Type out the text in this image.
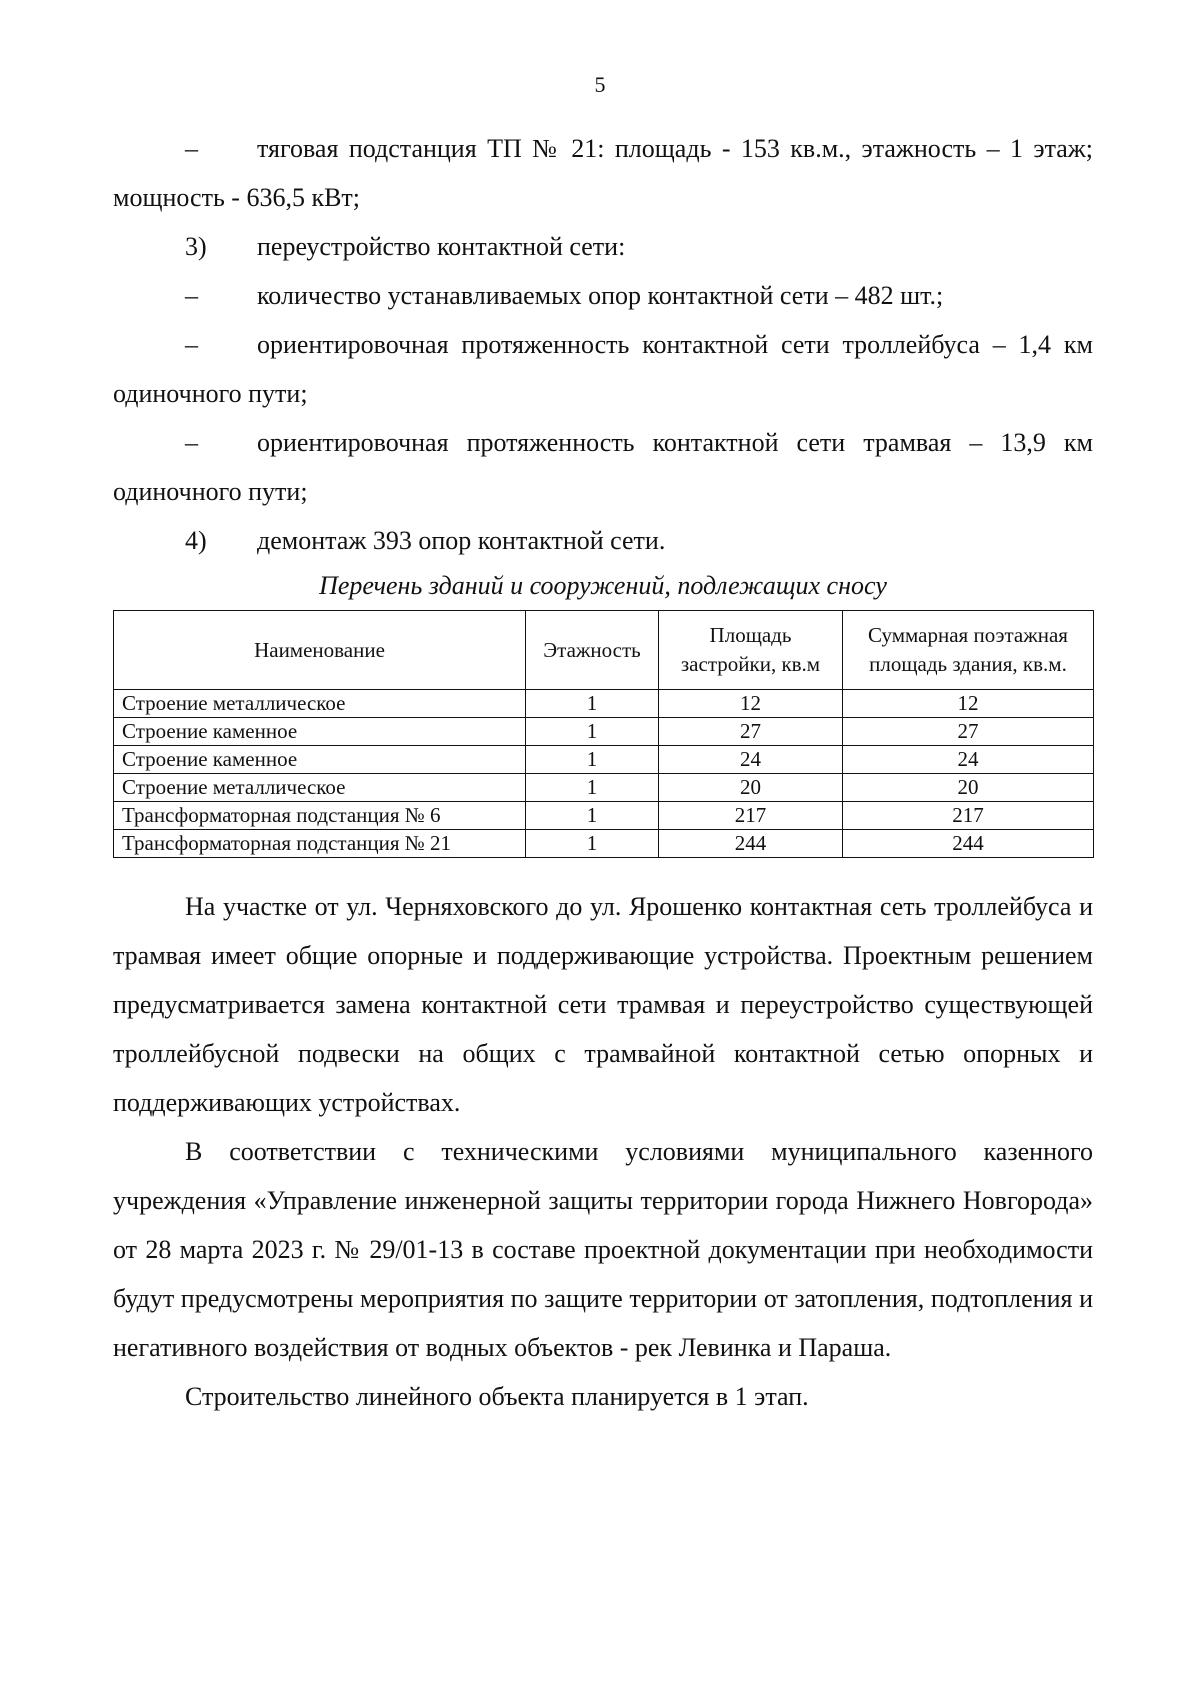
5

– тяговая подстанция ТП № 21: площадь - 153 кв.м., этажность – 1 этаж; мощность - 636,5 кВт;

3) переустройство контактной сети:

– количество устанавливаемых опор контактной сети – 482 шт.;

– ориентировочная протяженность контактной сети троллейбуса – 1,4 км одиночного пути;

– ориентировочная протяженность контактной сети трамвая – 13,9 км одиночного пути;

4) демонтаж 393 опор контактной сети.

Перечень зданий и сооружений, подлежащих сносу

Наименование	Этажность	Площадь застройки, кв.м	Суммарная поэтажная площадь здания, кв.м.
Строение металлическое	1	12	12
Строение каменное	1	27	27
Строение каменное	1	24	24
Строение металлическое	1	20	20
Трансформаторная подстанция № 6	1	217	217
Трансформаторная подстанция № 21	1	244	244

На участке от ул. Черняховского до ул. Ярошенко контактная сеть троллейбуса и трамвая имеет общие опорные и поддерживающие устройства. Проектным решением предусматривается замена контактной сети трамвая и переустройство существующей троллейбусной подвески на общих с трамвайной контактной сетью опорных и поддерживающих устройствах.

В соответствии с техническими условиями муниципального казенного учреждения «Управление инженерной защиты территории города Нижнего Новгорода» от 28 марта 2023 г. № 29/01-13 в составе проектной документации при необходимости будут предусмотрены мероприятия по защите территории от затопления, подтопления и негативного воздействия от водных объектов - рек Левинка и Параша.

Строительство линейного объекта планируется в 1 этап.
